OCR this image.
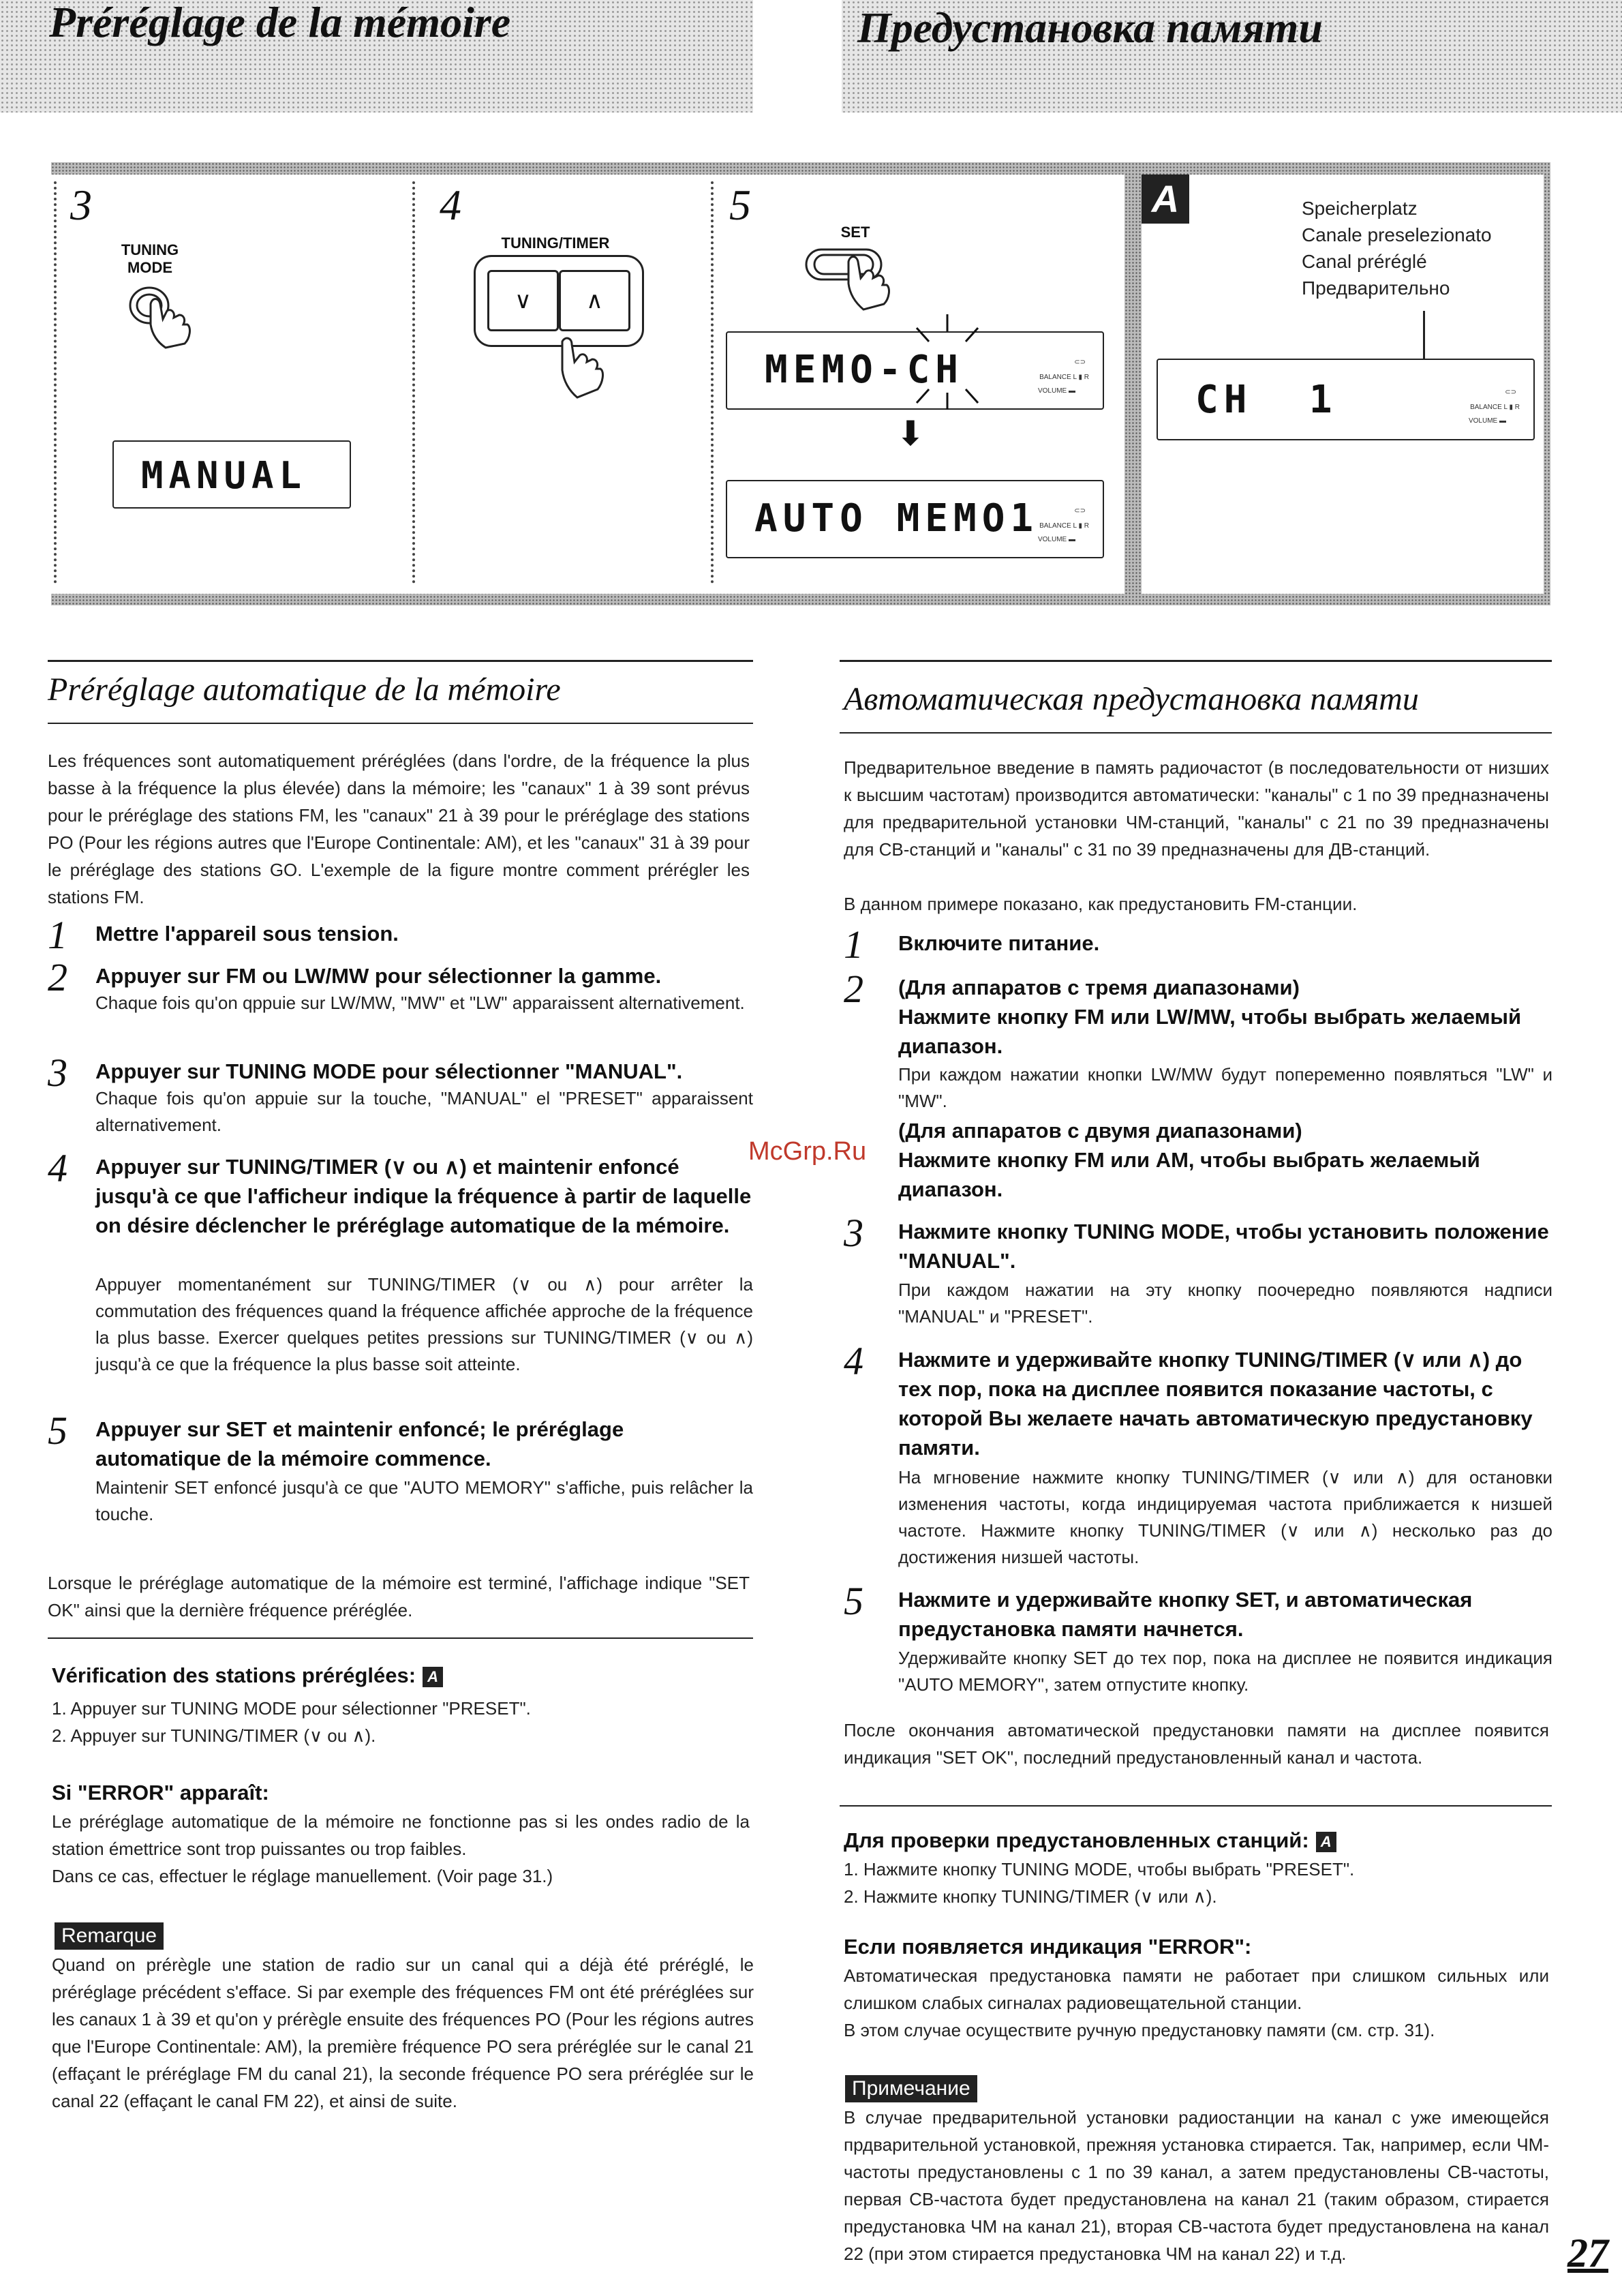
Préréglage de la mémoire	Предустановка памяти
3
TUNING
MODE
MANUAL
4
TUNING/TIMER
∨	∧
5
SET
MEMO-CH	⊂⊃
BALANCE L ▮ R
VOLUME ▬
⬇
AUTO MEMO1	⊂⊃
BALANCE L ▮ R
VOLUME ▬
A	Speicherplatz
Canale preselezionato
Canal préréglé
Предварительно
CH  1	⊂⊃
BALANCE L ▮ R
VOLUME ▬
Préréglage automatique de la mémoire
Les fréquences sont automatiquement préréglées (dans l'ordre, de la fréquence la plus basse à la fréquence la plus élevée) dans la mémoire; les "canaux" 1 à 39 sont prévus pour le préréglage des stations FM, les "canaux" 21 à 39 pour le préréglage des stations PO (Pour les régions autres que l'Europe Continentale: AM), et les "canaux" 31 à 39 pour le préréglage des stations GO. L'exemple de la figure montre comment prérégler les stations FM.
1 Mettre l'appareil sous tension.
2 Appuyer sur FM ou LW/MW pour sélectionner la gamme.
Chaque fois qu'on qppuie sur LW/MW, "MW" et "LW" apparaissent alternativement.
3 Appuyer sur TUNING MODE pour sélectionner "MANUAL".
Chaque fois qu'on appuie sur la touche, "MANUAL" el "PRESET" apparaissent alternativement.
4 Appuyer sur TUNING/TIMER (∨ ou ∧) et maintenir enfoncé jusqu'à ce que l'afficheur indique la fréquence à partir de laquelle on désire déclencher le préréglage automatique de la mémoire.
Appuyer momentanément sur TUNING/TIMER (∨ ou ∧) pour arrêter la commutation des fréquences quand la fréquence affichée approche de la fréquence la plus basse. Exercer quelques petites pressions sur TUNING/TIMER (∨ ou ∧) jusqu'à ce que la fréquence la plus basse soit atteinte.
5 Appuyer sur SET et maintenir enfoncé; le préréglage automatique de la mémoire commence.
Maintenir SET enfoncé jusqu'à ce que "AUTO MEMORY" s'affiche, puis relâcher la touche.
Lorsque le préréglage automatique de la mémoire est terminé, l'affichage indique "SET OK" ainsi que la dernière fréquence préréglée.
Vérification des stations préréglées: A
1. Appuyer sur TUNING MODE pour sélectionner "PRESET".
2. Appuyer sur TUNING/TIMER (∨ ou ∧).
Si "ERROR" apparaît:
Le préréglage automatique de la mémoire ne fonctionne pas si les ondes radio de la station émettrice sont trop puissantes ou trop faibles.
Dans ce cas, effectuer le réglage manuellement. (Voir page 31.)
Remarque
Quand on prérègle une station de radio sur un canal qui a déjà été préréglé, le préréglage précédent s'efface. Si par exemple des fréquences FM ont été préréglées sur les canaux 1 à 39 et qu'on y prérègle ensuite des fréquences PO (Pour les régions autres que l'Europe Continentale: AM), la première fréquence PO sera préréglée sur le canal 21 (effaçant le préréglage FM du canal 21), la seconde fréquence PO sera préréglée sur le canal 22 (effaçant le canal FM 22), et ainsi de suite.
Автоматическая предустановка памяти
Предварительное введение в память радиочастот (в последовательности от низших к высшим частотам) производится автоматически: "каналы" с 1 по 39 предназначены для предварительной установки ЧМ-станций, "каналы" с 21 по 39 предназначены для СВ-станций и "каналы" с 31 по 39 предназначены для ДВ-станций.
В данном примере показано, как предустановить FM-станции.
1 Включите питание.
2 (Для аппаратов с тремя диапазонами)
Нажмите кнопку FM или LW/MW, чтобы выбрать желаемый диапазон.
При каждом нажатии кнопки LW/MW будут попеременно появляться "LW" и "MW".
(Для аппаратов с двумя диапазонами)
Нажмите кнопку FM или AM, чтобы выбрать желаемый диапазон.
3 Нажмите кнопку TUNING MODE, чтобы установить положение "MANUAL".
При каждом нажатии на эту кнопку поочередно появляются надписи "MANUAL" и "PRESET".
4 Нажмите и удерживайте кнопку TUNING/TIMER (∨ или ∧) до тех пор, пока на дисплее появится показание частоты, с которой Вы желаете начать автоматическую предустановку памяти.
На мгновение нажмите кнопку TUNING/TIMER (∨ или ∧) для остановки изменения частоты, когда индицируемая частота приближается к низшей частоте. Нажмите кнопку TUNING/TIMER (∨ или ∧) несколько раз до достижения низшей частоты.
5 Нажмите и удерживайте кнопку SET, и автоматическая предустановка памяти начнется.
Удерживайте кнопку SET до тех пор, пока на дисплее не появится индикация "AUTO MEMORY", затем отпустите кнопку.
После окончания автоматической предустановки памяти на дисплее появится индикация "SET OK", последний предустановленный канал и частота.
Для проверки предустановленных станций: A
1. Нажмите кнопку TUNING MODE, чтобы выбрать "PRESET".
2. Нажмите кнопку TUNING/TIMER (∨ или ∧).
Если появляется индикация "ERROR":
Автоматическая предустановка памяти не работает при слишком сильных или слишком слабых сигналах радиовещательной станции.
В этом случае осуществите ручную предустановку памяти (см. стр. 31).
Примечание
В случае предварительной установки радиостанции на канал с уже имеющейся прдварительной установкой, прежняя установка стирается. Так, например, если ЧМ-частоты предустановлены с 1 по 39 канал, а затем предустановлены СВ-частоты, первая СВ-частота будет предустановлена на канал 21 (таким образом, стирается предустановка ЧМ на канал 21), вторая СВ-частота будет предустановлена на канал 22 (при этом стирается предустановка ЧМ на канал 22) и т.д.
McGrp.Ru
27
